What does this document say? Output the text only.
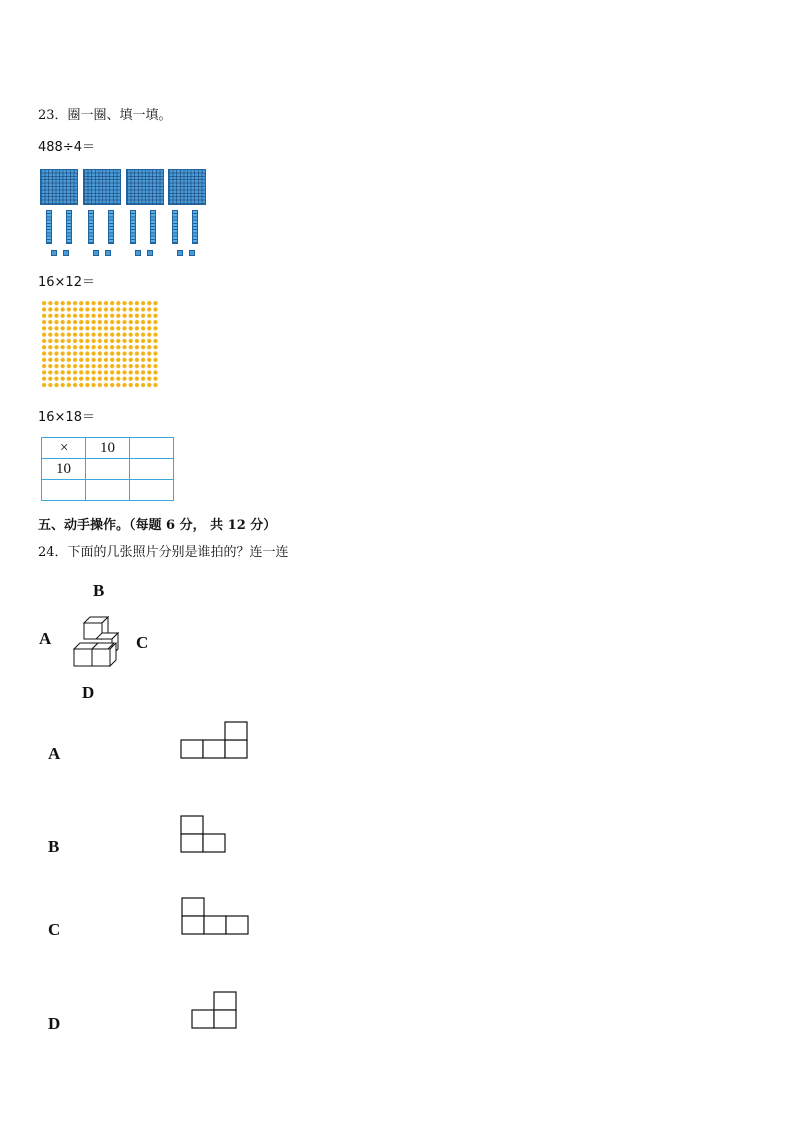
23．圈一圈、填一填。
488÷4＝
16×12＝
16×18＝
×	10	
10		

五、动手操作。（每题 6 分， 共 12 分）
24．下面的几张照片分别是谁拍的？连一连
B
A	C
D
A
B
C
D
